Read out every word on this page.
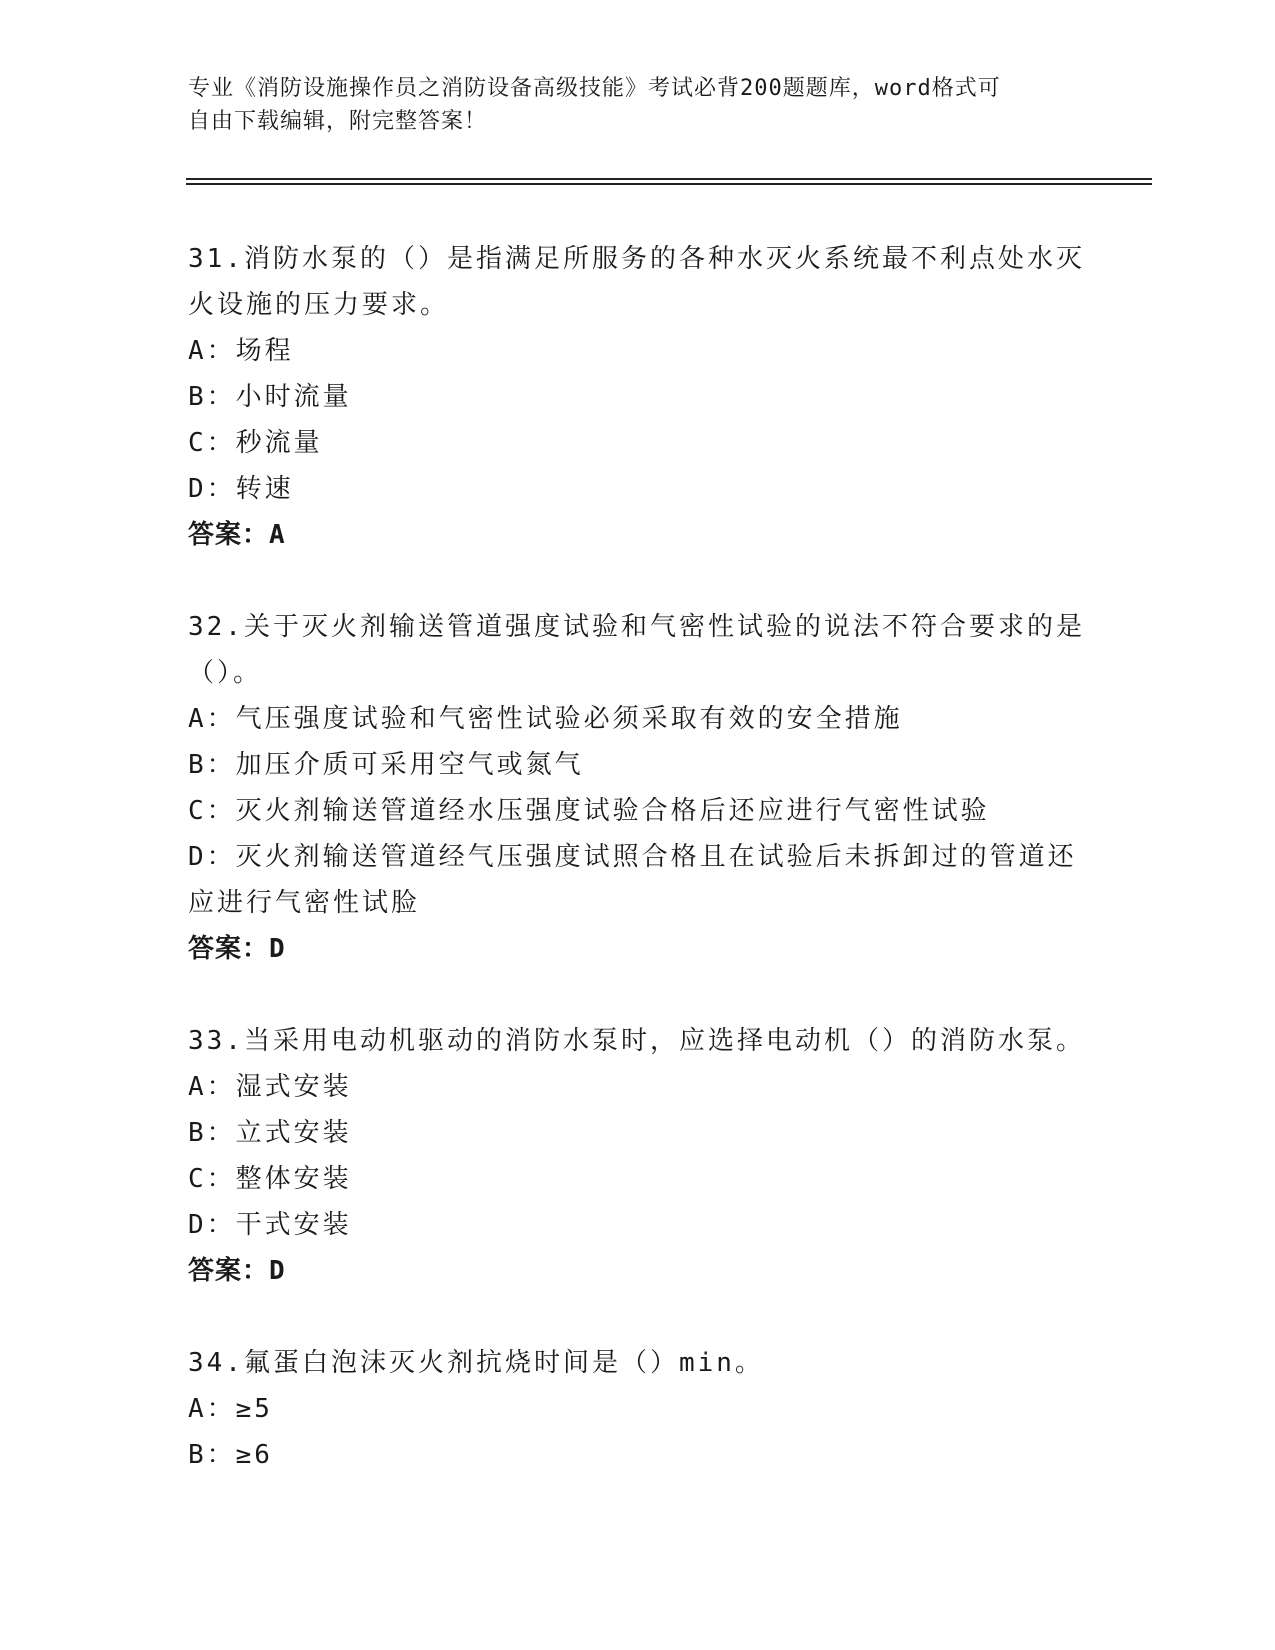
专业《消防设施操作员之消防设备高级技能》考试必背200题题库，word格式可
自由下载编辑，附完整答案！

31.消防水泵的（）是指满足所服务的各种水灭火系统最不利点处水灭火设施的压力要求。

A：场程

B：小时流量

C：秒流量

D：转速

答案：A

32.关于灭火剂输送管道强度试验和气密性试验的说法不符合要求的是（）。

A：气压强度试验和气密性试验必须采取有效的安全措施

B：加压介质可采用空气或氮气

C：灭火剂输送管道经水压强度试验合格后还应进行气密性试验

D：灭火剂输送管道经气压强度试照合格且在试验后未拆卸过的管道还应进行气密性试脸

答案：D

33.当采用电动机驱动的消防水泵时，应选择电动机（）的消防水泵。

A：湿式安装

B：立式安装

C：整体安装

D：干式安装

答案：D

34.氟蛋白泡沫灭火剂抗烧时间是（）min。

A：≥5

B：≥6
